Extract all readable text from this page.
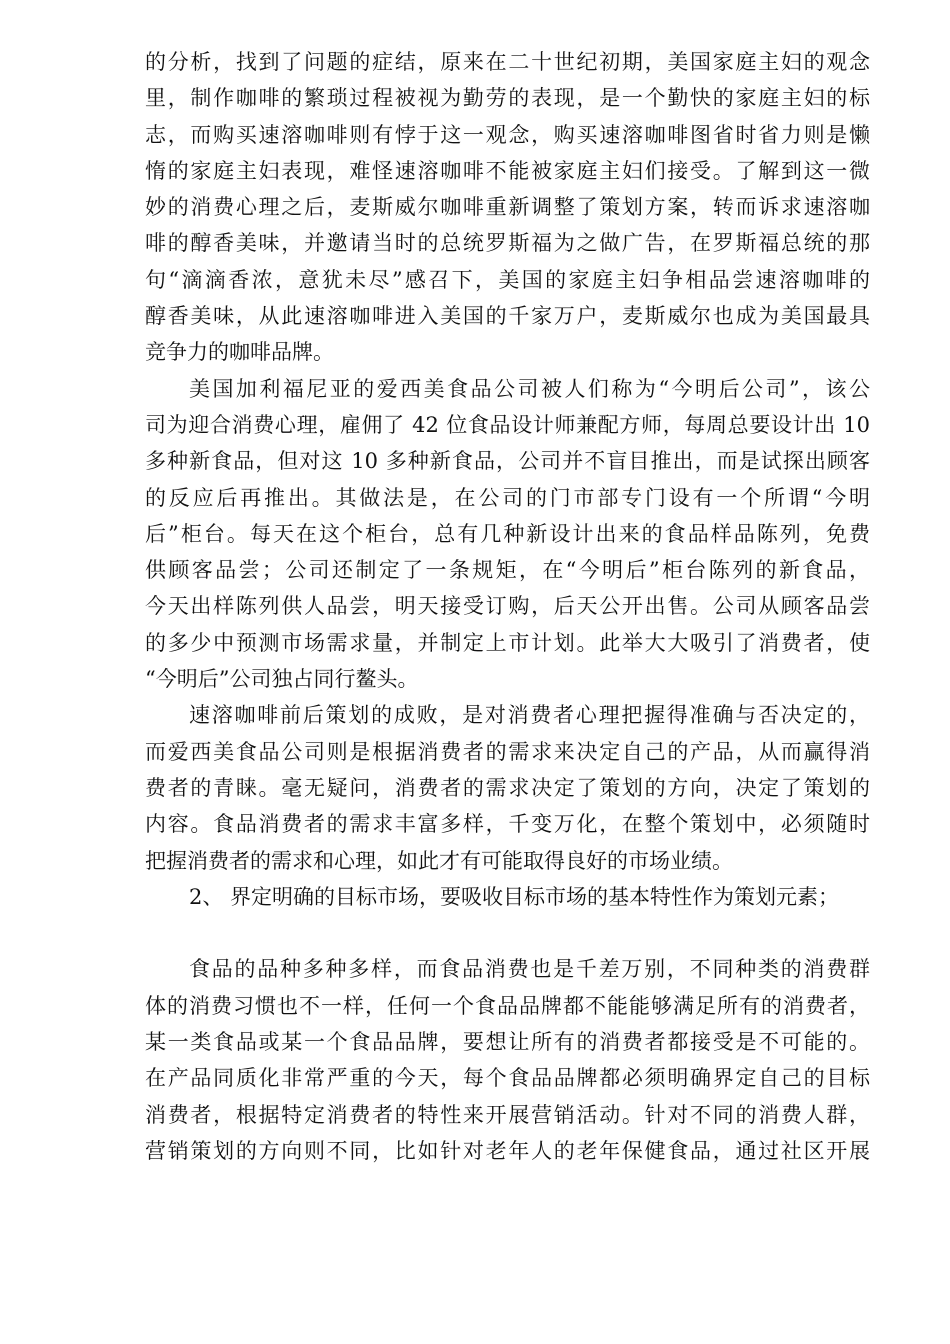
的分析，找到了问题的症结，原来在二十世纪初期，美国家庭主妇的观念
里，制作咖啡的繁琐过程被视为勤劳的表现，是一个勤快的家庭主妇的标
志，而购买速溶咖啡则有悖于这一观念，购买速溶咖啡图省时省力则是懒
惰的家庭主妇表现，难怪速溶咖啡不能被家庭主妇们接受。了解到这一微
妙的消费心理之后，麦斯威尔咖啡重新调整了策划方案，转而诉求速溶咖
啡的醇香美味，并邀请当时的总统罗斯福为之做广告，在罗斯福总统的那
句“滴滴香浓，意犹未尽”感召下，美国的家庭主妇争相品尝速溶咖啡的
醇香美味，从此速溶咖啡进入美国的千家万户，麦斯威尔也成为美国最具
竞争力的咖啡品牌。
美国加利福尼亚的爱西美食品公司被人们称为“今明后公司”，该公
司为迎合消费心理，雇佣了 42 位食品设计师兼配方师，每周总要设计出 10
多种新食品，但对这 10 多种新食品，公司并不盲目推出，而是试探出顾客
的反应后再推出。其做法是，在公司的门市部专门设有一个所谓“今明
后”柜台。每天在这个柜台，总有几种新设计出来的食品样品陈列，免费
供顾客品尝；公司还制定了一条规矩，在“今明后”柜台陈列的新食品，
今天出样陈列供人品尝，明天接受订购，后天公开出售。公司从顾客品尝
的多少中预测市场需求量，并制定上市计划。此举大大吸引了消费者，使
“今明后”公司独占同行鳌头。
速溶咖啡前后策划的成败，是对消费者心理把握得准确与否决定的，
而爱西美食品公司则是根据消费者的需求来决定自己的产品，从而赢得消
费者的青睐。毫无疑问，消费者的需求决定了策划的方向，决定了策划的
内容。食品消费者的需求丰富多样，千变万化，在整个策划中，必须随时
把握消费者的需求和心理，如此才有可能取得良好的市场业绩。
2、 界定明确的目标市场，要吸收目标市场的基本特性作为策划元素；
食品的品种多种多样，而食品消费也是千差万别，不同种类的消费群
体的消费习惯也不一样，任何一个食品品牌都不能能够满足所有的消费者，
某一类食品或某一个食品品牌，要想让所有的消费者都接受是不可能的。
在产品同质化非常严重的今天，每个食品品牌都必须明确界定自己的目标
消费者，根据特定消费者的特性来开展营销活动。针对不同的消费人群，
营销策划的方向则不同，比如针对老年人的老年保健食品，通过社区开展
